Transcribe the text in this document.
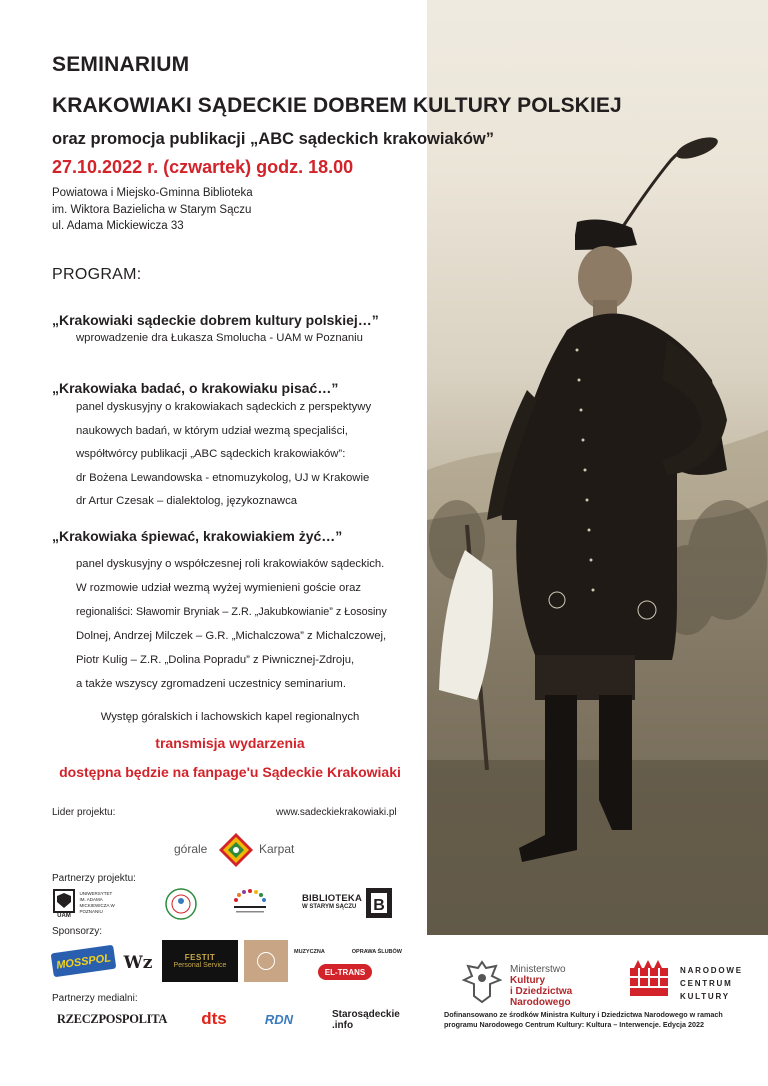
SEMINARIUM
KRAKOWIAKI SĄDECKIE DOBREM KULTURY POLSKIEJ
oraz promocja publikacji „ABC sądeckich krakowiaków”
27.10.2022 r. (czwartek) godz. 18.00
Powiatowa i Miejsko-Gminna Biblioteka
im. Wiktora Bazielicha w Starym Sączu
ul. Adama Mickiewicza 33
PROGRAM:
„Krakowiaki sądeckie dobrem kultury polskiej…”
wprowadzenie dra Łukasza Smolucha - UAM w Poznaniu
„Krakowiaka badać, o krakowiaku pisać…”
panel dyskusyjny o krakowiakach sądeckich z perspektywy
naukowych badań, w którym udział wezmą specjaliści,
współtwórcy publikacji „ABC sądeckich krakowiaków”:
dr Bożena Lewandowska - etnomuzykolog, UJ w Krakowie
dr Artur Czesak – dialektolog, językoznawca
„Krakowiaka śpiewać, krakowiakiem żyć…”
panel dyskusyjny o współczesnej roli krakowiaków sądeckich.
W rozmowie udział wezmą wyżej wymienieni goście oraz
regionaliści: Sławomir Bryniak – Z.R. „Jakubkowianie” z Łososiny
Dolnej, Andrzej Milczek – G.R. „Michalczowa” z Michalczowej,
Piotr Kulig – Z.R. „Dolina Popradu” z Piwnicznej-Zdroju,
a także wszyscy zgromadzeni uczestnicy seminarium.
Występ góralskich i lachowskich kapel regionalnych
transmisja wydarzenia
dostępna będzie na fanpage'u Sądeckie Krakowiaki
Lider projektu:	www.sadeckiekrakowiaki.pl
górale	Karpat
Partnerzy projektu:
UAM
UNIWERSYTET IM. ADAMA MICKIEWICZA W POZNANIU
BIBLIOTEKA
W STARYM SĄCZU	B
Sponsorzy:
MOSSPOL Wz	FESTIT
Personal Service
MUZYCZNA	OPRAWA ŚLUBÓW
EL-TRANS
Partnerzy medialni:
RZECZPOSPOLITA dts	RDN	Starosądeckie
.info
Ministerstwo
Kultury
i Dziedzictwa
Narodowego
NARODOWE
CENTRUM
KULTURY
Dofinansowano ze środków Ministra Kultury i Dziedzictwa Narodowego w ramach programu Narodowego Centrum Kultury: Kultura – Interwencje. Edycja 2022
